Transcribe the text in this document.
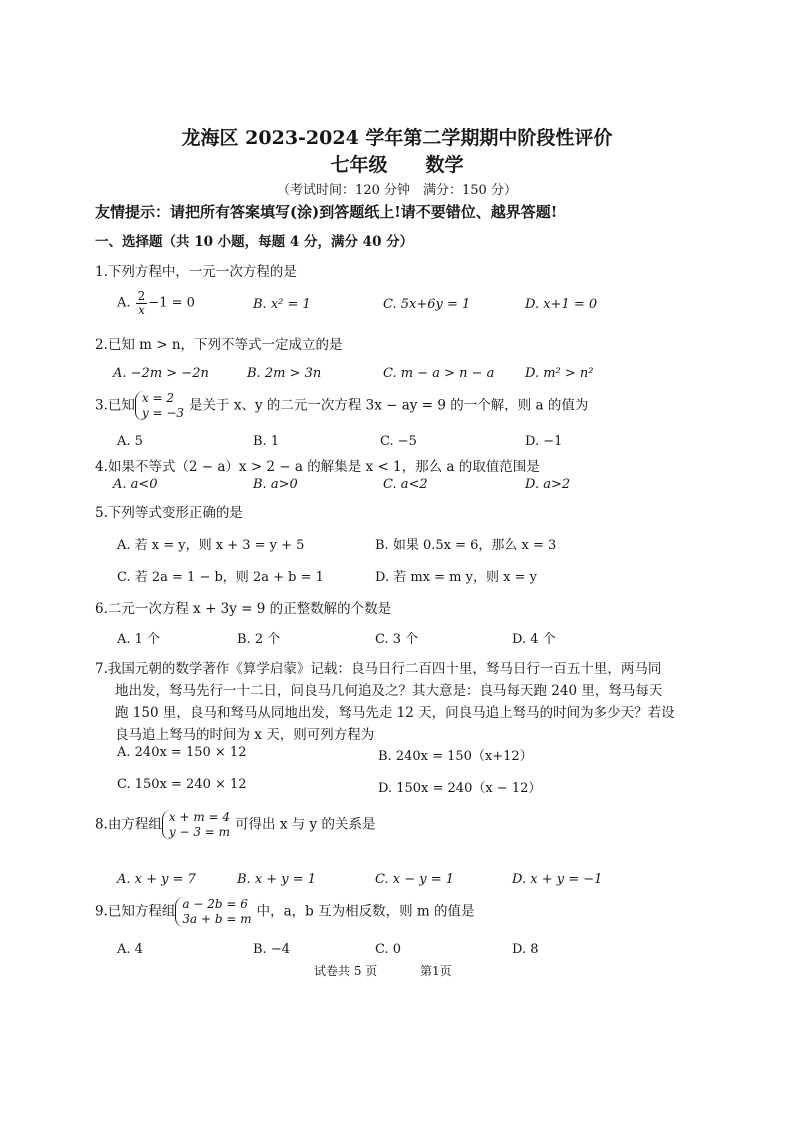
龙海区 2023-2024 学年第二学期期中阶段性评价
七年级　　数学
（考试时间：120 分钟　满分：150 分）
友情提示：请把所有答案填写(涂)到答题纸上!请不要错位、越界答题!
一、选择题（共 10 小题，每题 4 分，满分 40 分）
1.下列方程中，一元一次方程的是
A. $\frac{2}{x} -1 = 0$	B. x² = 1	C. 5x+6y = 1	D. x+1 = 0
2.已知 m > n，下列不等式一定成立的是
A. −2m > −2n	B. 2m > 3n	C. m − a > n − a D. m² > n²
3.已知 x = 2
y = −3 是关于 x、y 的二元一次方程 3x − ay = 9 的一个解，则 a 的值为
A. 5	B. 1	C. −5	D. −1
4.如果不等式（2 − a）x > 2 − a 的解集是 x < 1，那么 a 的取值范围是
A. a<0	B. a>0	C. a<2	D. a>2
5.下列等式变形正确的是
A. 若 x = y，则 x + 3 = y + 5	B. 如果 0.5x = 6，那么 x = 3
C. 若 2a = 1 − b，则 2a + b = 1	D. 若 mx = m y，则 x = y
6.二元一次方程 x + 3y = 9 的正整数解的个数是
A. 1 个	B. 2 个	C. 3 个	D. 4 个
7.我国元朝的数学著作《算学启蒙》记载：良马日行二百四十里，驽马日行一百五十里，两马同
地出发，驽马先行一十二日，问良马几何追及之？其大意是：良马每天跑 240 里，驽马每天
跑 150 里，良马和驽马从同地出发，驽马先走 12 天，问良马追上驽马的时间为多少天？若设
良马追上驽马的时间为 x 天，则可列方程为
A. 240x = 150 × 12	B. 240x = 150（x+12）
C. 150x = 240 × 12	D. 150x = 240（x − 12）
8.由方程组 x + m = 4
y − 3 = m 可得出 x 与 y 的关系是
A. x + y = 7	B. x + y = 1	C. x − y = 1	D. x + y = −1
9.已知方程组 a − 2b = 6
3a + b = m 中，a，b 互为相反数，则 m 的值是
A. 4	B. −4	C. 0	D. 8
试卷共 5 页	第1页
